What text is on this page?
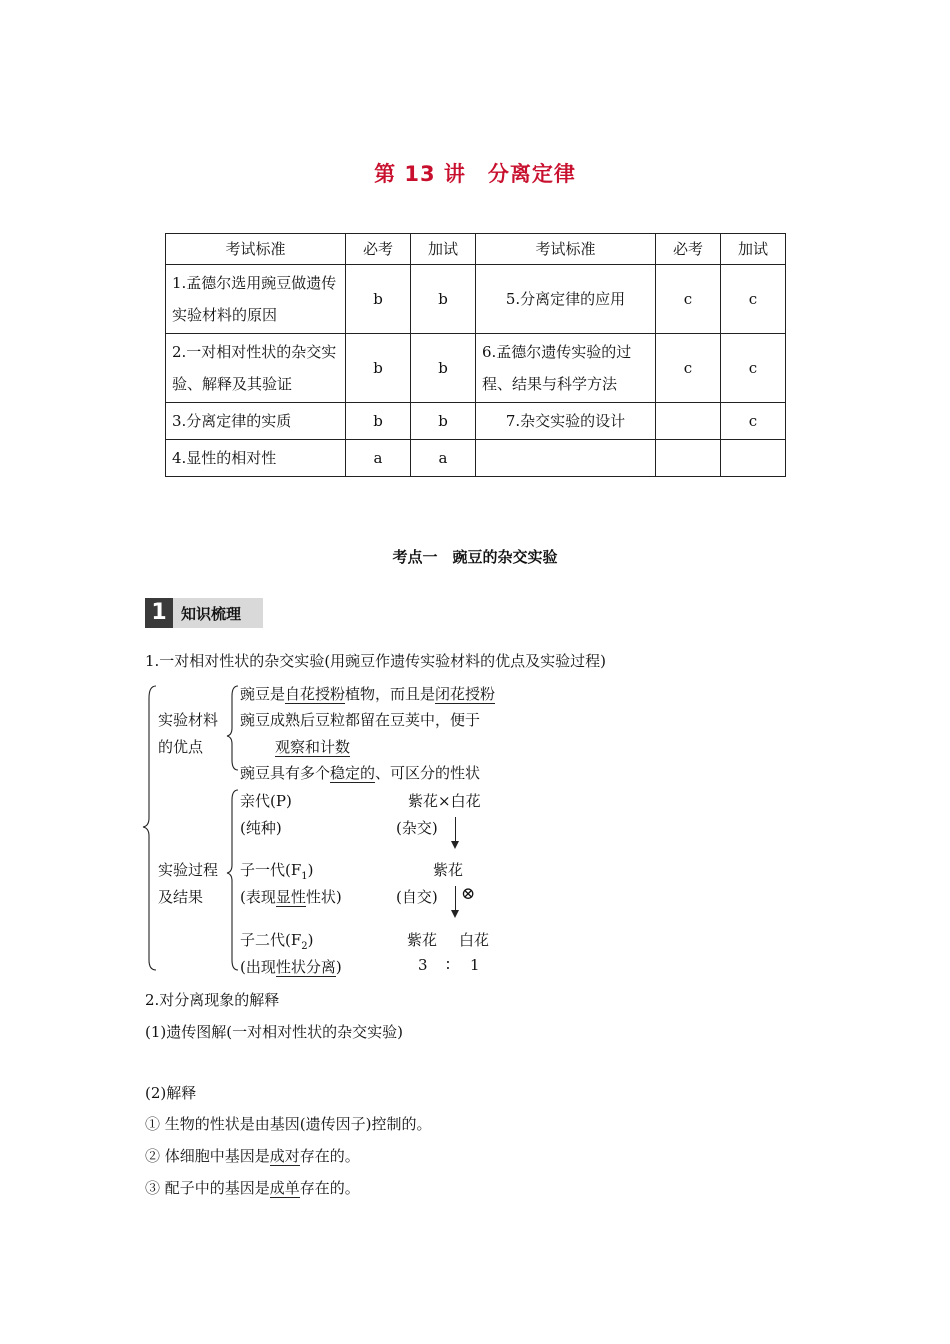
第 13 讲　分离定律
考试标准	必考	加试	考试标准	必考	加试
1.孟德尔选用豌豆做遗传实验材料的原因	b	b	5.分离定律的应用	c	c
2.一对相对性状的杂交实验、解释及其验证	b	b	6.孟德尔遗传实验的过程、结果与科学方法	c	c
3.分离定律的实质	b	b	7.杂交实验的设计		c
4.显性的相对性	a	a			
考点一　豌豆的杂交实验
1 知识梳理
1.一对相对性状的杂交实验(用豌豆作遗传实验材料的优点及实验过程)
实验材料
的优点
豌豆是自花授粉植物，而且是闭花授粉
豌豆成熟后豆粒都留在豆荚中，便于
观察和计数
豌豆具有多个稳定的、可区分的性状
实验过程
及结果
亲代(P)
(纯种)
紫花×白花
(杂交)
子一代$(F_1)$
(表现显性性状)
紫花
(自交) ⊗
子二代$(F_2)$
(出现性状分离)
紫花 白花
3 ∶ 1
2.对分离现象的解释
(1)遗传图解(一对相对性状的杂交实验)
(2)解释
① 生物的性状是由基因(遗传因子)控制的。
② 体细胞中基因是成对存在的。
③ 配子中的基因是成单存在的。
